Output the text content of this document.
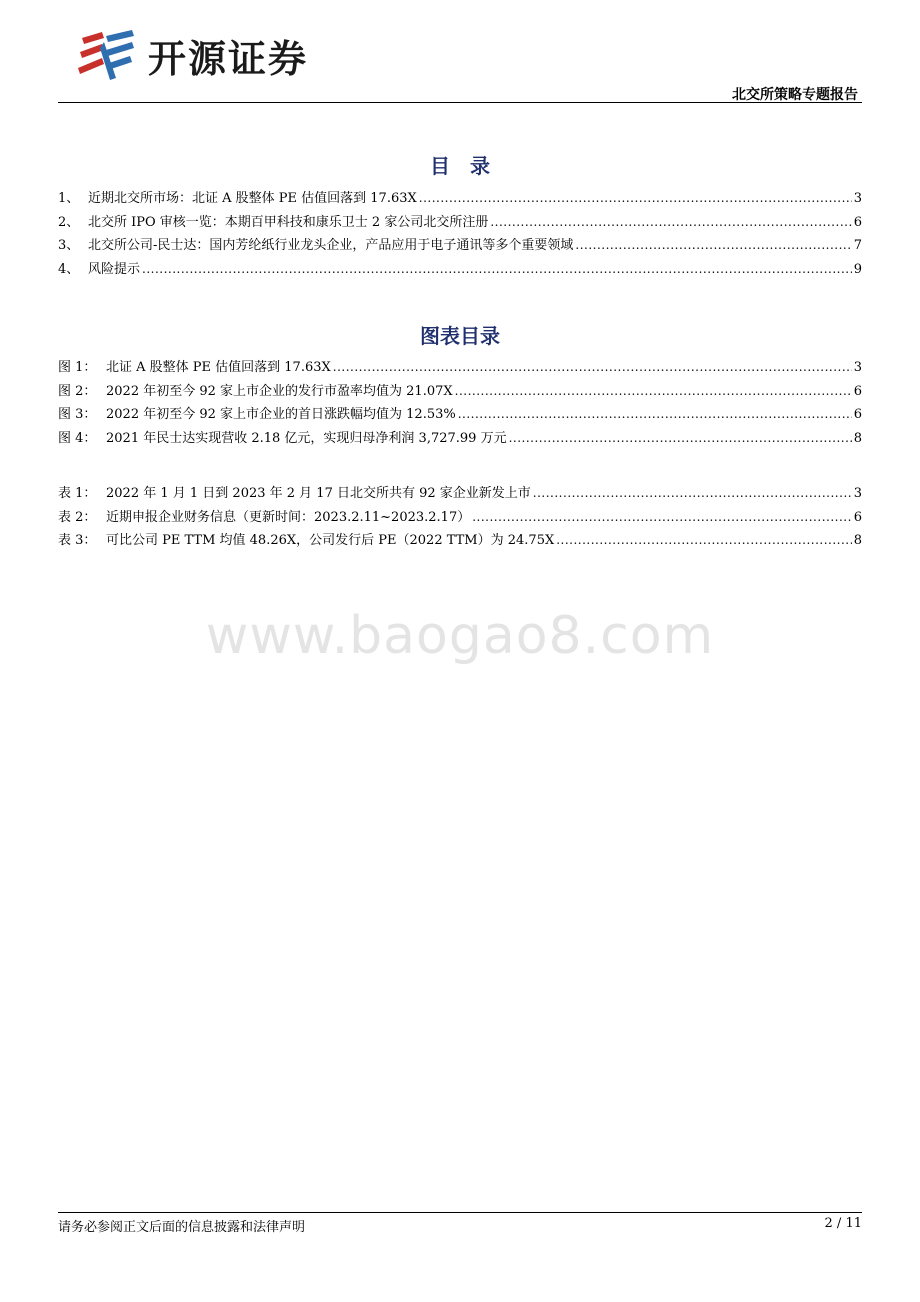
开源证券
北交所策略专题报告
目　录
1、 近期北交所市场：北证 A 股整体 PE 估值回落到 17.63X .....	3
2、 北交所 IPO 审核一览：本期百甲科技和康乐卫士 2 家公司北交所注册 .....	6
3、 北交所公司-民士达：国内芳纶纸行业龙头企业，产品应用于电子通讯等多个重要领域 .....	7
4、 风险提示 .....	9
图表目录
图 1： 北证 A 股整体 PE 估值回落到 17.63X .....	3
图 2： 2022 年初至今 92 家上市企业的发行市盈率均值为 21.07X .....	6
图 3： 2022 年初至今 92 家上市企业的首日涨跌幅均值为 12.53% .....	6
图 4： 2021 年民士达实现营收 2.18 亿元，实现归母净利润 3,727.99 万元 .....	8
表 1： 2022 年 1 月 1 日到 2023 年 2 月 17 日北交所共有 92 家企业新发上市 .....	3
表 2： 近期申报企业财务信息（更新时间：2023.2.11~2023.2.17） .....	6
表 3： 可比公司 PE TTM 均值 48.26X，公司发行后 PE（2022 TTM）为 24.75X .....	8
www.baogao8.com
请务必参阅正文后面的信息披露和法律声明	2 / 11
